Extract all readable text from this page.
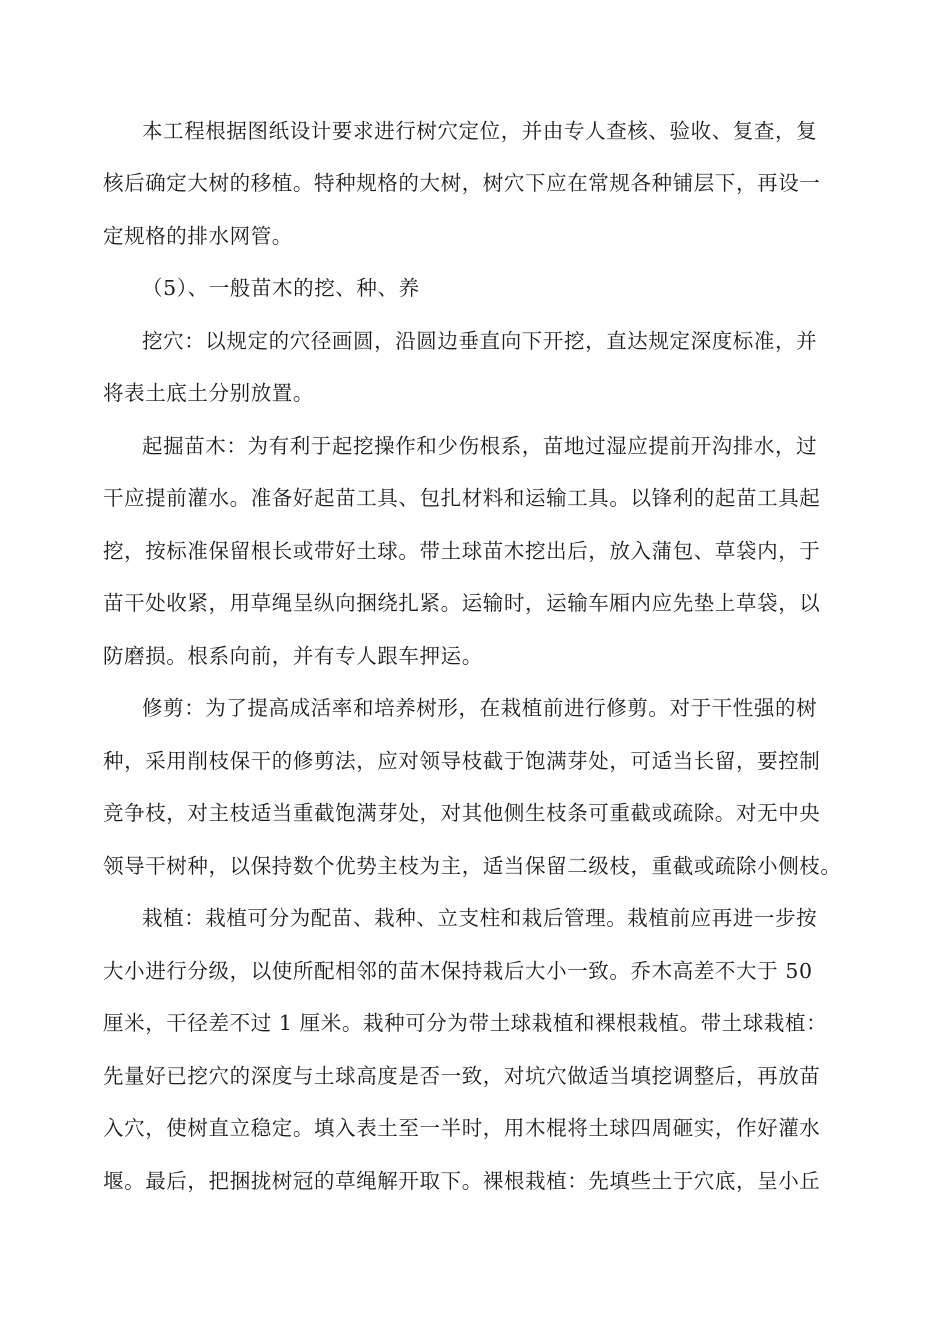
本工程根据图纸设计要求进行树穴定位，并由专人查核、验收、复查，复
核后确定大树的移植。特种规格的大树，树穴下应在常规各种铺层下，再设一
定规格的排水网管。
（5）、一般苗木的挖、种、养
挖穴：以规定的穴径画圆，沿圆边垂直向下开挖，直达规定深度标准，并
将表土底土分别放置。
起掘苗木：为有利于起挖操作和少伤根系，苗地过湿应提前开沟排水，过
干应提前灌水。准备好起苗工具、包扎材料和运输工具。以锋利的起苗工具起
挖，按标准保留根长或带好土球。带土球苗木挖出后，放入蒲包、草袋内，于
苗干处收紧，用草绳呈纵向捆绕扎紧。运输时，运输车厢内应先垫上草袋，以
防磨损。根系向前，并有专人跟车押运。
修剪：为了提高成活率和培养树形，在栽植前进行修剪。对于干性强的树
种，采用削枝保干的修剪法，应对领导枝截于饱满芽处，可适当长留，要控制
竞争枝，对主枝适当重截饱满芽处，对其他侧生枝条可重截或疏除。对无中央
领导干树种，以保持数个优势主枝为主，适当保留二级枝，重截或疏除小侧枝。
栽植：栽植可分为配苗、栽种、立支柱和栽后管理。栽植前应再进一步按
大小进行分级，以使所配相邻的苗木保持栽后大小一致。乔木高差不大于 50
厘米，干径差不过 1 厘米。栽种可分为带土球栽植和裸根栽植。带土球栽植：
先量好已挖穴的深度与土球高度是否一致，对坑穴做适当填挖调整后，再放苗
入穴，使树直立稳定。填入表土至一半时，用木棍将土球四周砸实，作好灌水
堰。最后，把捆拢树冠的草绳解开取下。裸根栽植：先填些土于穴底，呈小丘
